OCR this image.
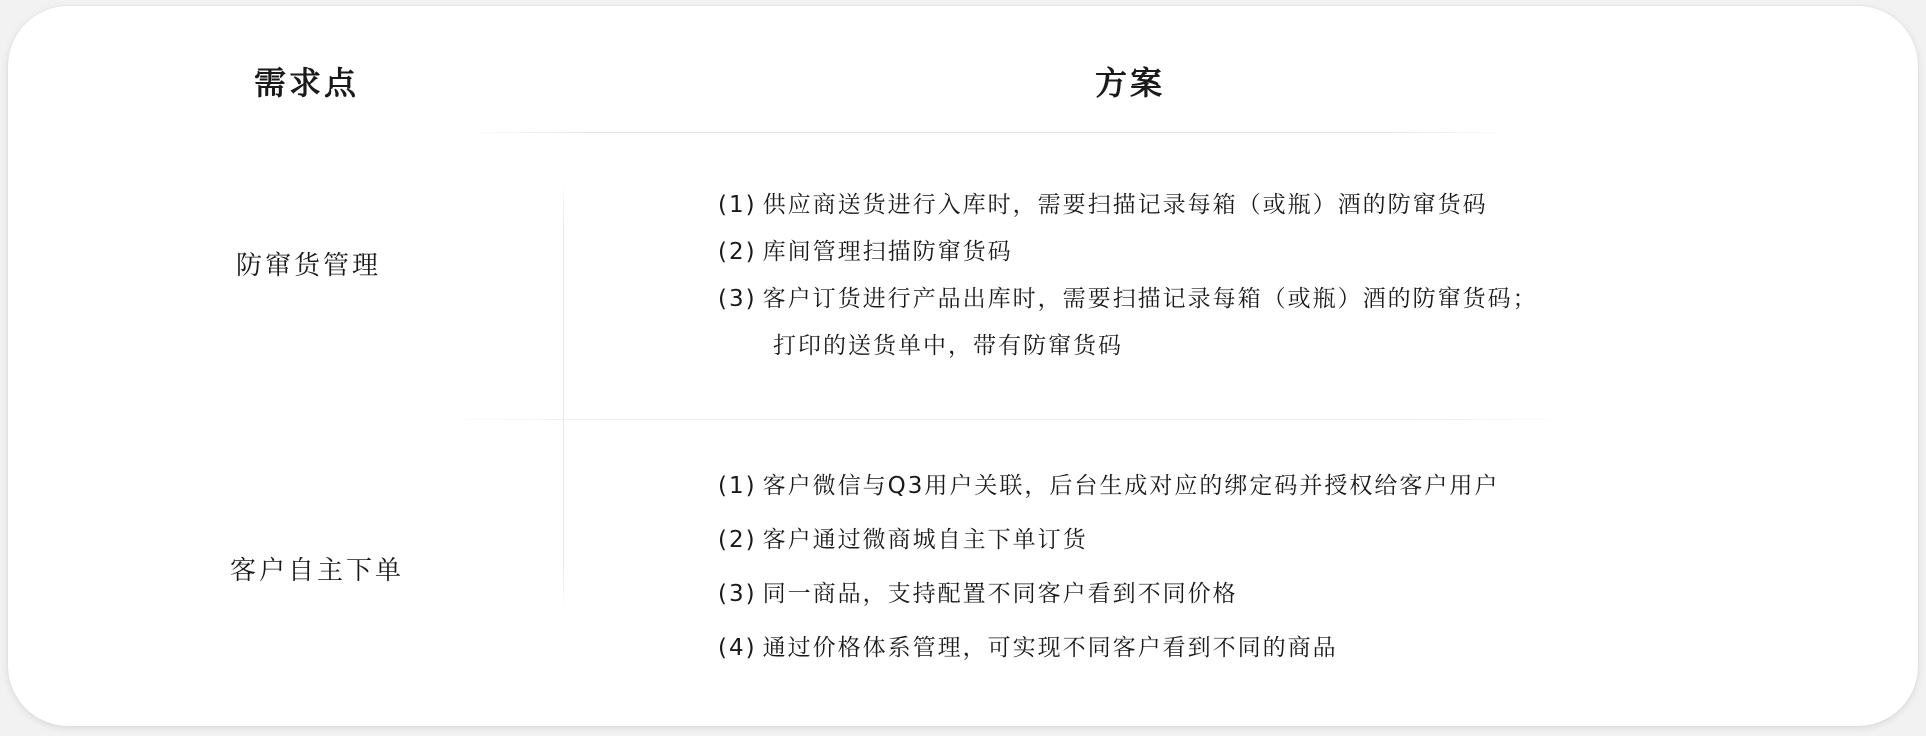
需求点	方案
防窜货管理
(1) 供应商送货进行入库时，需要扫描记录每箱（或瓶）酒的防窜货码
(2) 库间管理扫描防窜货码
(3) 客户订货进行产品出库时，需要扫描记录每箱（或瓶）酒的防窜货码；
打印的送货单中，带有防窜货码
客户自主下单
(1) 客户微信与Q3用户关联，后台生成对应的绑定码并授权给客户用户
(2) 客户通过微商城自主下单订货
(3) 同一商品，支持配置不同客户看到不同价格
(4) 通过价格体系管理，可实现不同客户看到不同的商品
